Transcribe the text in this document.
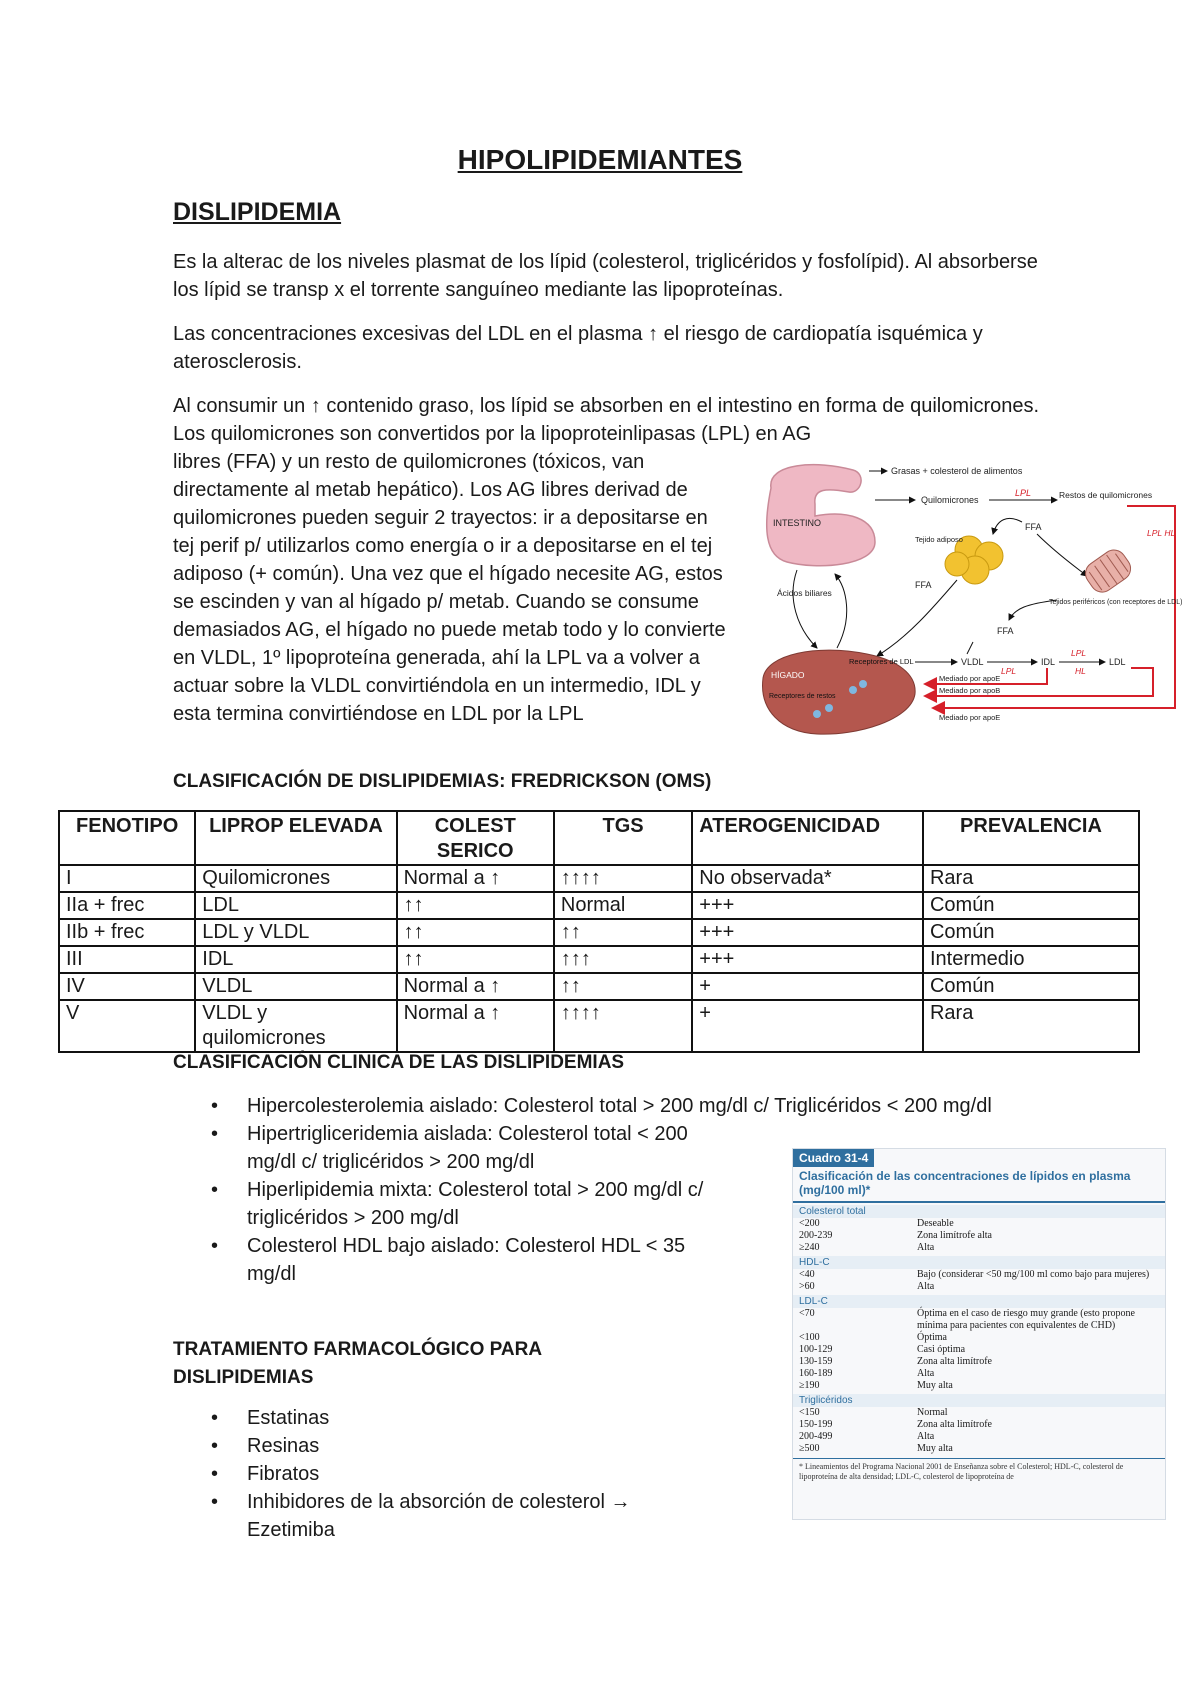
HIPOLIPIDEMIANTES
DISLIPIDEMIA

Es la alterac de los niveles plasmat de los lípid (colesterol, triglicéridos y fosfolípid). Al absorberse los lípid se transp x el torrente sanguíneo mediante las lipoproteínas.

Las concentraciones excesivas del LDL en el plasma ↑ el riesgo de cardiopatía isquémica y aterosclerosis.

Al consumir un ↑ contenido graso, los lípid se absorben en el intestino en forma de quilomicrones. Los quilomicrones son convertidos por la lipoproteinlipasas (LPL) en AG

libres (FFA) y un resto de quilomicrones (tóxicos, van directamente al metab hepático). Los AG libres derivad de quilomicrones pueden seguir 2 trayectos: ir a depositarse en tej perif p/ utilizarlos como energía o ir a depositarse en el tej adiposo (+ común). Una vez que el hígado necesite AG, estos se escinden y van al hígado p/ metab. Cuando se consume demasiados AG, el hígado no puede metab todo y lo convierte en VLDL, 1º lipoproteína generada, ahí la LPL va a volver a actuar sobre la VLDL convirtiéndola en un intermedio, IDL y esta termina convirtiéndose en LDL por la LPL

INTESTINO
Grasas + colesterol de alimentos
Quilomicrones
LPL	Restos de quilomicrones
LPL HL
Tejido adiposo
FFA
Tejidos periféricos (con receptores de LDL)
FFA
FFA
Ácidos biliares
HÍGADO
Receptores de LDL
Receptores de restos
VLDL
LPL
IDL
LPL
HL
LDL
Mediado por apoE
Mediado por apoB
Mediado por apoE
CLASIFICACIÓN DE DISLIPIDEMIAS: FREDRICKSON (OMS)
FENOTIPO	LIPROP ELEVADA	COLEST SERICO	TGS	ATEROGENICIDAD	PREVALENCIA
I	Quilomicrones	Normal a ↑	↑↑↑↑	No observada*	Rara
IIa + frec	LDL	↑↑	Normal	+++	Común
IIb + frec	LDL y VLDL	↑↑	↑↑	+++	Común
III	IDL	↑↑	↑↑↑	+++	Intermedio
IV	VLDL	Normal a ↑	↑↑	+	Común
V	VLDL y quilomicrones	Normal a ↑	↑↑↑↑	+	Rara
CLASIFICACIÓN CLINICA DE LAS DISLIPIDEMIAS
• Hipercolesterolemia aislado: Colesterol total > 200 mg/dl c/ Triglicéridos < 200 mg/dl
• Hipertrigliceridemia aislada: Colesterol total < 200 mg/dl c/ triglicéridos > 200 mg/dl
• Hiperlipidemia mixta: Colesterol total > 200 mg/dl c/ triglicéridos > 200 mg/dl
• Colesterol HDL bajo aislado: Colesterol HDL < 35 mg/dl
TRATAMIENTO FARMACOLÓGICO PARA DISLIPIDEMIAS
• Estatinas
• Resinas
• Fibratos
• Inhibidores de la absorción de colesterol → Ezetimiba
Cuadro 31-4
Clasificación de las concentraciones de lípidos en plasma (mg/100 ml)*
Colesterol total
<200	Deseable
200-239	Zona limítrofe alta
≥240	Alta
HDL-C
<40	Bajo (considerar <50 mg/100 ml como bajo para mujeres)
>60	Alta
LDL-C
<70	Óptima en el caso de riesgo muy grande (esto propone mínima para pacientes con equivalentes de CHD)
<100	Óptima
100-129	Casi óptima
130-159	Zona alta limítrofe
160-189	Alta
≥190	Muy alta
Triglicéridos
<150	Normal
150-199	Zona alta limítrofe
200-499	Alta
≥500	Muy alta
* Lineamientos del Programa Nacional 2001 de Enseñanza sobre el Colesterol; HDL-C, colesterol de lipoproteína de alta densidad; LDL-C, colesterol de lipoproteína de
